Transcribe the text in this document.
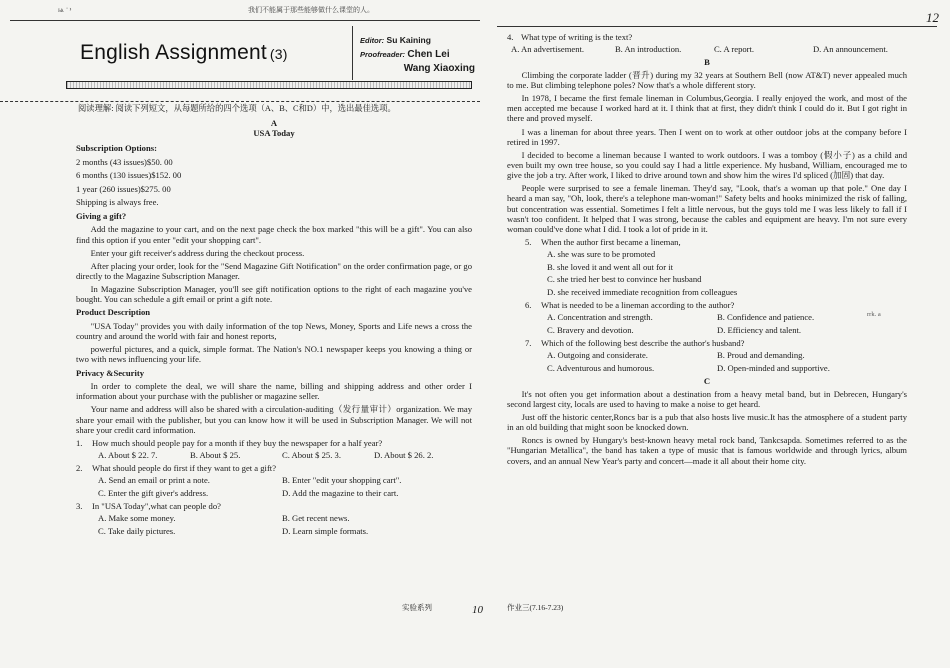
ѩ ᡃ ᠈	我们不能属于那些能够做什么课堂的人。
English Assignment (3)
Editor: Su Kaining
Proofreader: Chen Lei
Wang Xiaoxing
阅读理解: 阅读下列短文，从每题所给的四个选项（A、B、C和D）中，选出最佳选项。
A
USA Today
Subscription Options:

2 months (43 issues)$50. 00

6 months (130 issues)$152. 00

1 year (260 issues)$275. 00

Shipping is always free.

Giving a gift?

Add the magazine to your cart, and on the next page check the box marked "this will be a gift". You can also find this option if you enter "edit your shopping cart".

Enter your gift receiver's address during the checkout process.

After placing your order, look for the "Send Magazine Gift Notification" on the order confirmation page, or go directly to the Magazine Subscription Manager.

In Magazine Subscription Manager, you'll see gift notification options to the right of each magazine you've bought. You can schedule a gift email or print a gift note.

Product Description

"USA Today" provides you with daily information of the top News, Money, Sports and Life news a cross the country and around the world with fair and honest reports,

powerful pictures, and a quick, simple format. The Nation's NO.1 newspaper keeps you knowing a thing or two with news influencing your life.

Privacy &Security

In order to complete the deal, we will share the name, billing and shipping address and other order I information about your purchase with the publisher or magazine seller.

Your name and address will also be shared with a circulation-auditing（发行量审计）organization. We may share your email with the publisher, but you can know how it will be used in Subscription Manager. We will not share your credit card information.

1. How much should people pay for a month if they buy the newspaper for a half year?
A. About $ 22. 7.	B. About $ 25.	C. About $ 25. 3.	D. About $ 26. 2.
2. What should people do first if they want to get a gift?
A. Send an email or print a note.	B. Enter "edit your shopping cart".
C. Enter the gift giver's address.	D. Add the magazine to their cart.
3. In "USA Today",what can people do?
A. Make some money.	B. Get recent news.
C. Take daily pictures.	D. Learn simple formats.
实验系列	10
12
4. What type of writing is the text?
A. An advertisement.	B. An introduction.	C. A report.	D. An announcement.
B

Climbing the corporate ladder (晋升) during my 32 years at Southern Bell (now AT&T) never appealed much to me. But climbing telephone poles? Now that's a whole different story.

In 1978, I became the first female lineman in Columbus,Georgia. I really enjoyed the work, and most of the men accepted me because I worked hard at it. I think that at first, they didn't think I could do it. But I got right in there and proved myself.

I was a lineman for about three years. Then I went on to work at other outdoor jobs at the company before I retired in 1997.

I decided to become a lineman because I wanted to work outdoors. I was a tomboy (假小子) as a child and even built my own tree house, so you could say I had a little experience. My husband, William, encouraged me to give the job a try. After work, I liked to drive around town and show him the wires I'd spliced (加固) that day.

People were surprised to see a female lineman. They'd say, "Look, that's a woman up that pole." One day I heard a man say, "Oh, look, there's a telephone man-woman!" Safety belts and hooks minimized the risk of falling, but concentration was essential. Sometimes I felt a little nervous, but the guys told me I was less likely to fall if I wasn't too confident. It helped that I was strong, because the cables and equipment are heavy. I'm not sure every woman could've done what I did. I took a lot of pride in it.

5. When the author first became a lineman,
A. she was sure to be promoted
B. she loved it and went all out for it
C. she tried her best to convince her husband
D. she received immediate recognition from colleagues
6. What is needed to be a lineman according to the author?
A. Concentration and strength.	B. Confidence and patience.
C. Bravery and devotion.	D. Efficiency and talent.
7. Which of the following best describe the author's husband?
A. Outgoing and considerate.	B. Proud and demanding.
C. Adventurous and humorous.	D. Open-minded and supportive.
C

It's not often you get information about a destination from a heavy metal band, but in Debrecen, Hungary's second largest city, locals are used to having to make a noise to get heard.

Just off the historic center,Roncs bar is a pub that also hosts live music.It has the atmosphere of a student party in an old building that might soon be knocked down.

Roncs is owned by Hungary's best-known heavy metal rock band, Tankcsapda. Sometimes referred to as the "Hungarian Metallica", the band has taken a type of music that is famous worldwide and through lyrics, album covers, and an annual New Year's party and concert—made it all about their home city.

rrk. a
作业三(7.16-7.23)
